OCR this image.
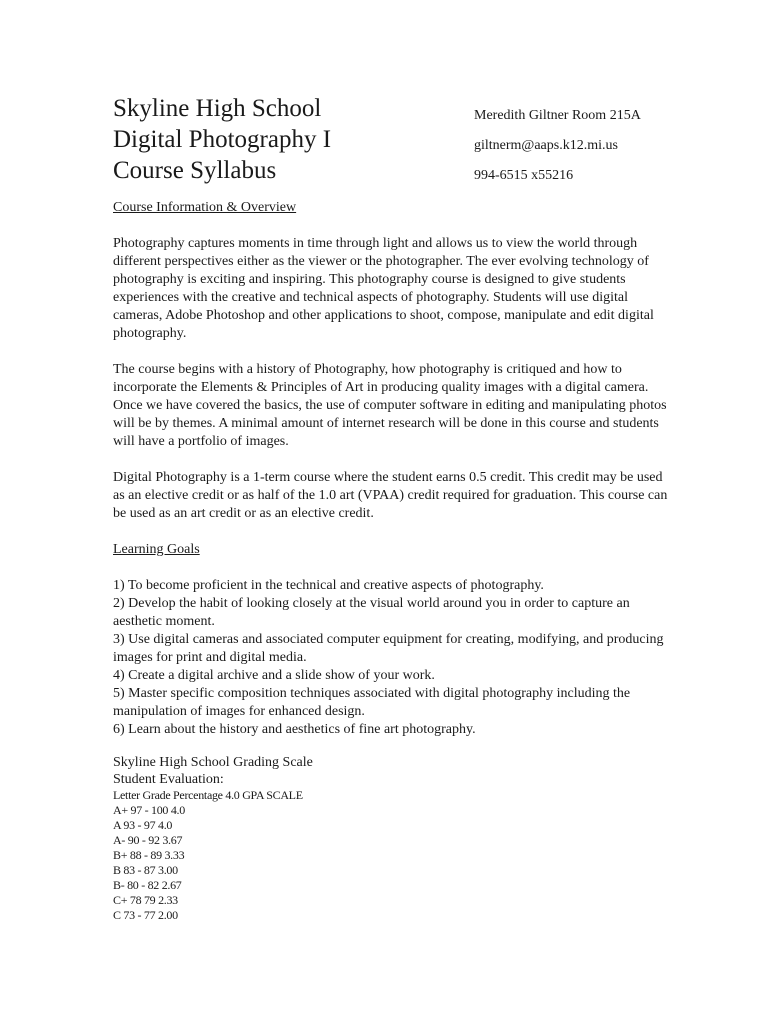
Skyline High School
Digital Photography I
Course Syllabus
Meredith Giltner Room 215A
giltnerm@aaps.k12.mi.us
994-6515 x55216

Course Information & Overview

Photography captures moments in time through light and allows us to view the world through different perspectives either as the viewer or the photographer. The ever evolving technology of photography is exciting and inspiring. This photography course is designed to give students experiences with the creative and technical aspects of photography. Students will use digital cameras, Adobe Photoshop and other applications to shoot, compose, manipulate and edit digital photography.

The course begins with a history of Photography, how photography is critiqued and how to incorporate the Elements & Principles of Art in producing quality images with a digital camera. Once we have covered the basics, the use of computer software in editing and manipulating photos will be by themes. A minimal amount of internet research will be done in this course and students will have a portfolio of images.

Digital Photography is a 1-term course where the student earns 0.5 credit. This credit may be used as an elective credit or as half of the 1.0 art (VPAA) credit required for graduation. This course can be used as an art credit or as an elective credit.

Learning Goals

1) To become proficient in the technical and creative aspects of photography.

2) Develop the habit of looking closely at the visual world around you in order to capture an aesthetic moment.

3) Use digital cameras and associated computer equipment for creating, modifying, and producing images for print and digital media.

4) Create a digital archive and a slide show of your work.

5) Master specific composition techniques associated with digital photography including the manipulation of images for enhanced design.

6) Learn about the history and aesthetics of fine art photography.

Skyline High School Grading Scale
Student Evaluation:
Letter Grade Percentage 4.0 GPA SCALE
A+ 97 - 100 4.0
A 93 - 97 4.0
A- 90 - 92 3.67
B+ 88 - 89 3.33
B 83 - 87 3.00
B- 80 - 82 2.67
C+ 78 79 2.33
C 73 - 77 2.00
